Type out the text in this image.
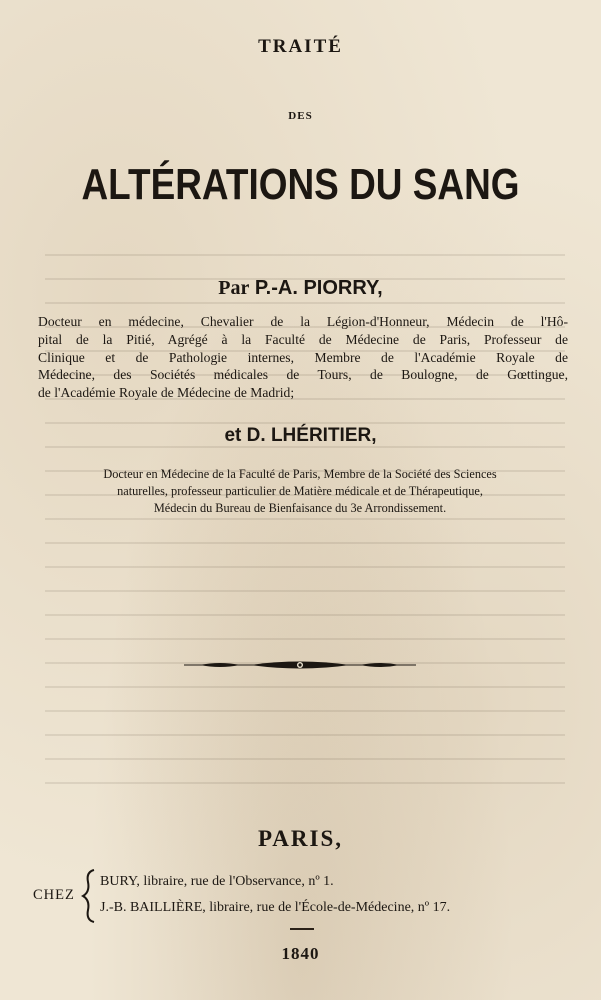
TRAITÉ
DES
ALTÉRATIONS DU SANG
Par P.-A. PIORRY,
Docteur en médecine, Chevalier de la Légion-d'Honneur, Médecin de l'Hô-
pital de la Pitié, Agrégé à la Faculté de Médecine de Paris, Professeur de
Clinique et de Pathologie internes, Membre de l'Académie Royale de
Médecine, des Sociétés médicales de Tours, de Boulogne, de Gœttingue,
de l'Académie Royale de Médecine de Madrid;
et D. LHÉRITIER,
Docteur en Médecine de la Faculté de Paris, Membre de la Société des Sciences
naturelles, professeur particulier de Matière médicale et de Thérapeutique,
Médecin du Bureau de Bienfaisance du 3e Arrondissement.
PARIS,
CHEZ
BURY, libraire, rue de l'Observance, nº 1.
J.-B. BAILLIÈRE, libraire, rue de l'École-de-Médecine, nº 17.
1840
